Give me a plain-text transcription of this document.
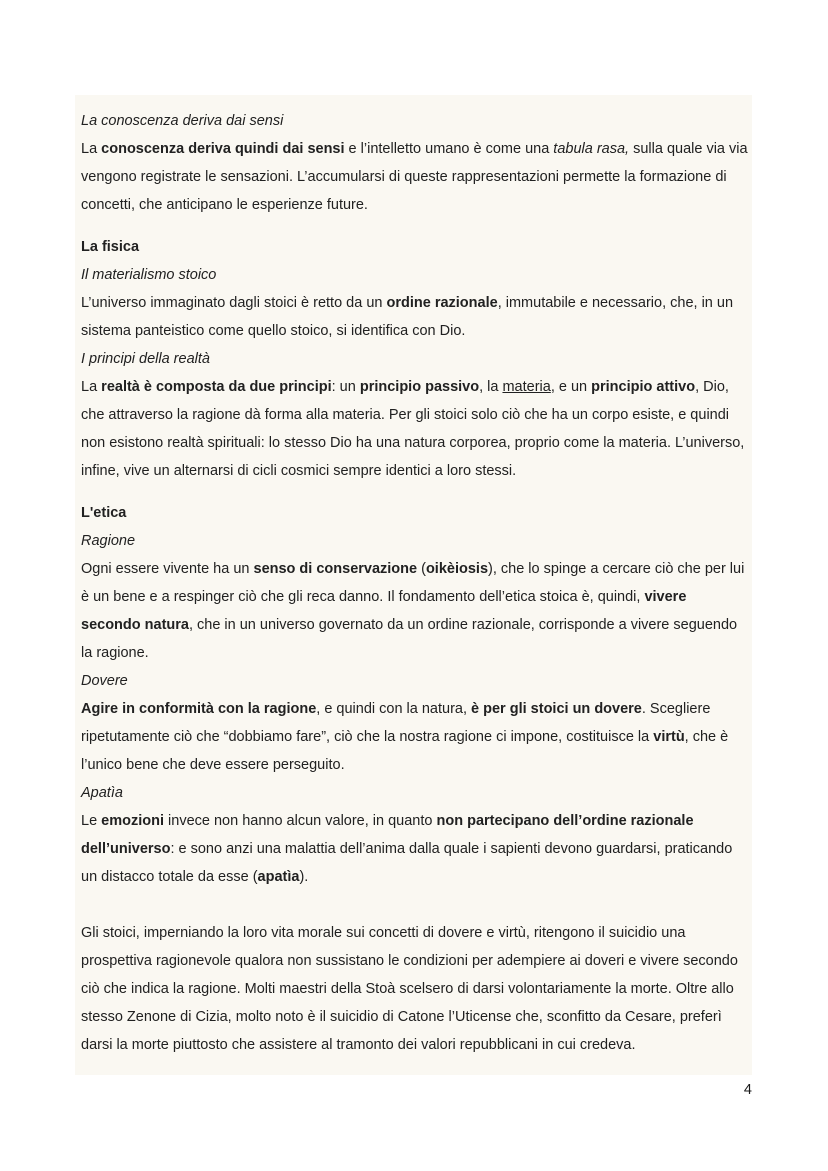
La conoscenza deriva dai sensi
La conoscenza deriva quindi dai sensi e l’intelletto umano è come una tabula rasa, sulla quale via via vengono registrate le sensazioni. L’accumularsi di queste rappresentazioni permette la formazione di concetti, che anticipano le esperienze future.
La fisica
Il materialismo stoico
L’universo immaginato dagli stoici è retto da un ordine razionale, immutabile e necessario, che, in un sistema panteistico come quello stoico, si identifica con Dio.
I principi della realtà
La realtà è composta da due principi: un principio passivo, la materia, e un principio attivo, Dio, che attraverso la ragione dà forma alla materia. Per gli stoici solo ciò che ha un corpo esiste, e quindi non esistono realtà spirituali: lo stesso Dio ha una natura corporea, proprio come la materia. L’universo, infine, vive un alternarsi di cicli cosmici sempre identici a loro stessi.
L'etica
Ragione
Ogni essere vivente ha un senso di conservazione (oikèiosis), che lo spinge a cercare ciò che per lui è un bene e a respinger ciò che gli reca danno. Il fondamento dell’etica stoica è, quindi, vivere secondo natura, che in un universo governato da un ordine razionale, corrisponde a vivere seguendo la ragione.
Dovere
Agire in conformità con la ragione, e quindi con la natura, è per gli stoici un dovere. Scegliere ripetutamente ciò che “dobbiamo fare”, ciò che la nostra ragione ci impone, costituisce la virtù, che è l’unico bene che deve essere perseguito.
Apatìa
Le emozioni invece non hanno alcun valore, in quanto non partecipano dell’ordine razionale dell’universo: e sono anzi una malattia dell’anima dalla quale i sapienti devono guardarsi, praticando un distacco totale da esse (apatìa).
Gli stoici, imperniando la loro vita morale sui concetti di dovere e virtù, ritengono il suicidio una prospettiva ragionevole qualora non sussistano le condizioni per adempiere ai doveri e vivere secondo ciò che indica la ragione. Molti maestri della Stoà scelsero di darsi volontariamente la morte. Oltre allo stesso Zenone di Cizia, molto noto è il suicidio di Catone l’Uticense che, sconfitto da Cesare, preferì darsi la morte piuttosto che assistere al tramonto dei valori repubblicani in cui credeva.
4
